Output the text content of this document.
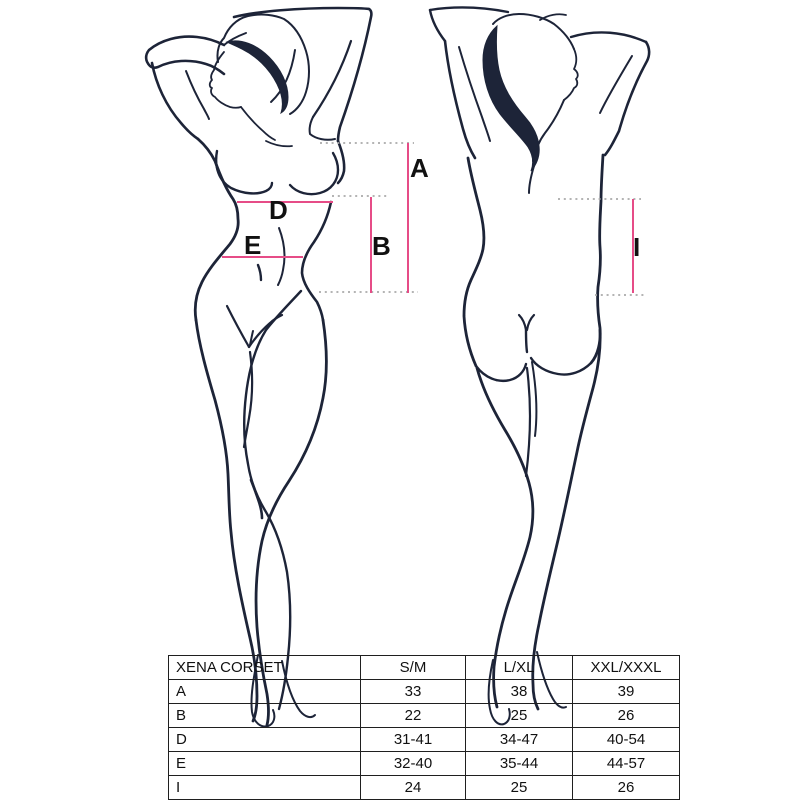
A
B
D
E	I
XENA CORSET	S/M	L/XL	XXL/XXXL
A	33	38	39
B	22	25	26
D	31-41	34-47	40-54
E	32-40	35-44	44-57
I	24	25	26
